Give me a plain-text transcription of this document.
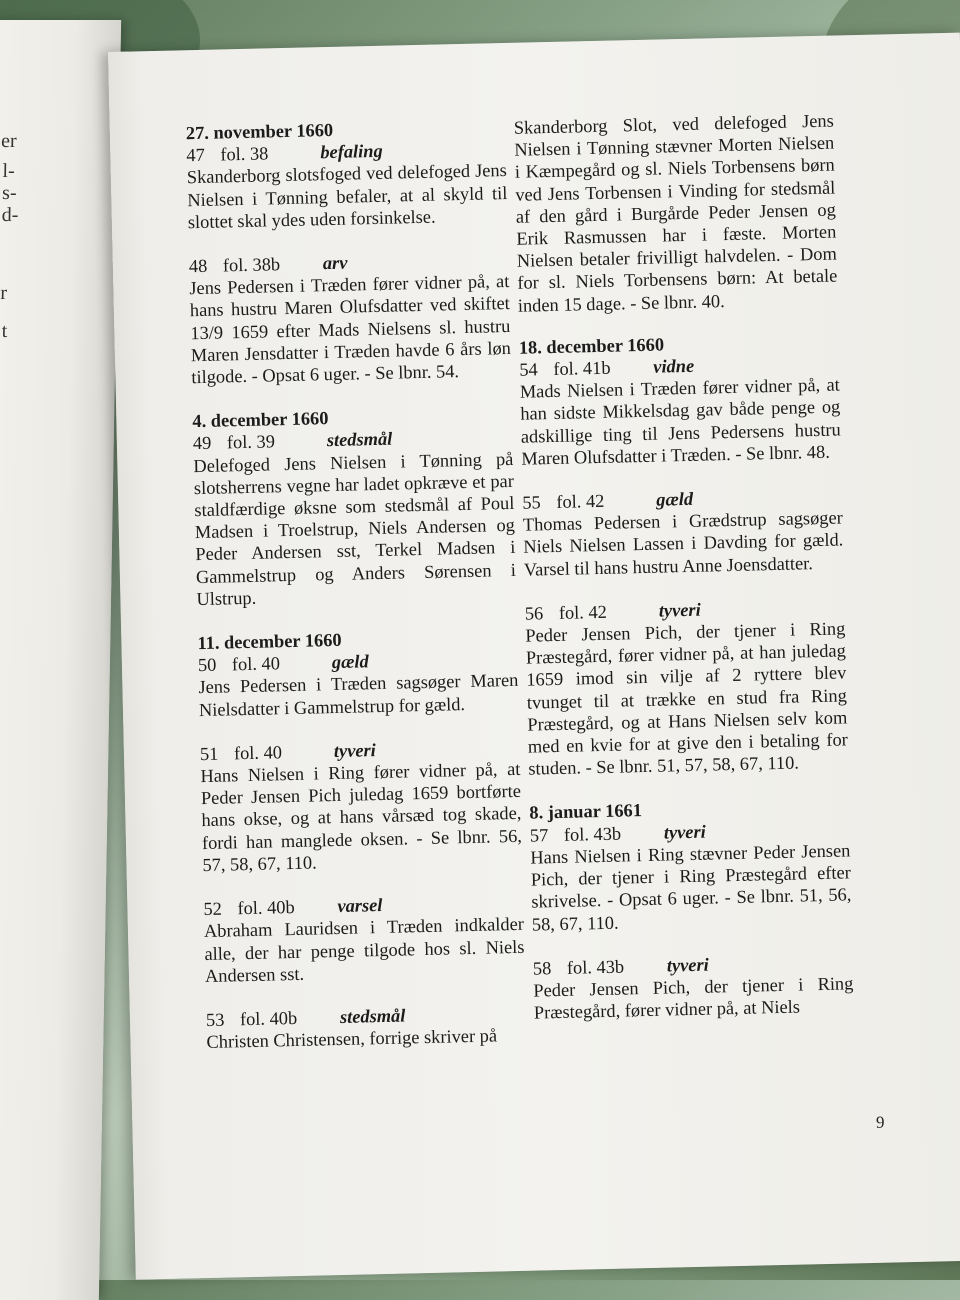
er
l-
s-
d-
r
t
27. november 1660
47 fol. 38	befaling
Skanderborg slotsfoged ved delefoged Jens Nielsen i Tønning befaler, at al skyld til slottet skal ydes uden forsinkelse.
48 fol. 38b	arv
Jens Pedersen i Træden fører vidner på, at hans hustru Maren Olufsdatter ved skiftet 13/9 1659 efter Mads Nielsens sl. hustru Maren Jensdatter i Træden havde 6 års løn tilgode. - Opsat 6 uger. - Se lbnr. 54.
4. december 1660
49 fol. 39	stedsmål
Delefoged Jens Nielsen i Tønning på slotsherrens vegne har ladet opkræve et par staldfærdige øksne som stedsmål af Poul Madsen i Troelstrup, Niels Andersen og Peder Andersen sst, Terkel Madsen i Gammelstrup og Anders Sørensen i Ulstrup.
11. december 1660
50 fol. 40	gæld
Jens Pedersen i Træden sagsøger Maren Nielsdatter i Gammelstrup for gæld.
51 fol. 40	tyveri
Hans Nielsen i Ring fører vidner på, at Peder Jensen Pich juledag 1659 bortførte hans okse, og at hans vårsæd tog skade, fordi han manglede oksen. - Se lbnr. 56, 57, 58, 67, 110.
52 fol. 40b	varsel
Abraham Lauridsen i Træden indkalder alle, der har penge tilgode hos sl. Niels Andersen sst.
53 fol. 40b	stedsmål
Christen Christensen, forrige skriver på
Skanderborg Slot, ved delefoged Jens Nielsen i Tønning stævner Morten Nielsen i Kæmpegård og sl. Niels Torbensens børn ved Jens Torbensen i Vinding for stedsmål af den gård i Burgårde Peder Jensen og Erik Rasmussen har i fæste. Morten Nielsen betaler frivilligt halvdelen. - Dom for sl. Niels Torbensens børn: At betale inden 15 dage. - Se lbnr. 40.
18. december 1660
54 fol. 41b	vidne
Mads Nielsen i Træden fører vidner på, at han sidste Mikkelsdag gav både penge og adskillige ting til Jens Pedersens hustru Maren Olufsdatter i Træden. - Se lbnr. 48.
55 fol. 42	gæld
Thomas Pedersen i Grædstrup sagsøger Niels Nielsen Lassen i Davding for gæld. Varsel til hans hustru Anne Joensdatter.
56 fol. 42	tyveri
Peder Jensen Pich, der tjener i Ring Præstegård, fører vidner på, at han juledag 1659 imod sin vilje af 2 ryttere blev tvunget til at trække en stud fra Ring Præstegård, og at Hans Nielsen selv kom med en kvie for at give den i betaling for studen. - Se lbnr. 51, 57, 58, 67, 110.
8. januar 1661
57 fol. 43b	tyveri
Hans Nielsen i Ring stævner Peder Jensen Pich, der tjener i Ring Præstegård efter skrivelse. - Opsat 6 uger. - Se lbnr. 51, 56, 58, 67, 110.
58 fol. 43b	tyveri
Peder Jensen Pich, der tjener i Ring Præstegård, fører vidner på, at Niels
9
